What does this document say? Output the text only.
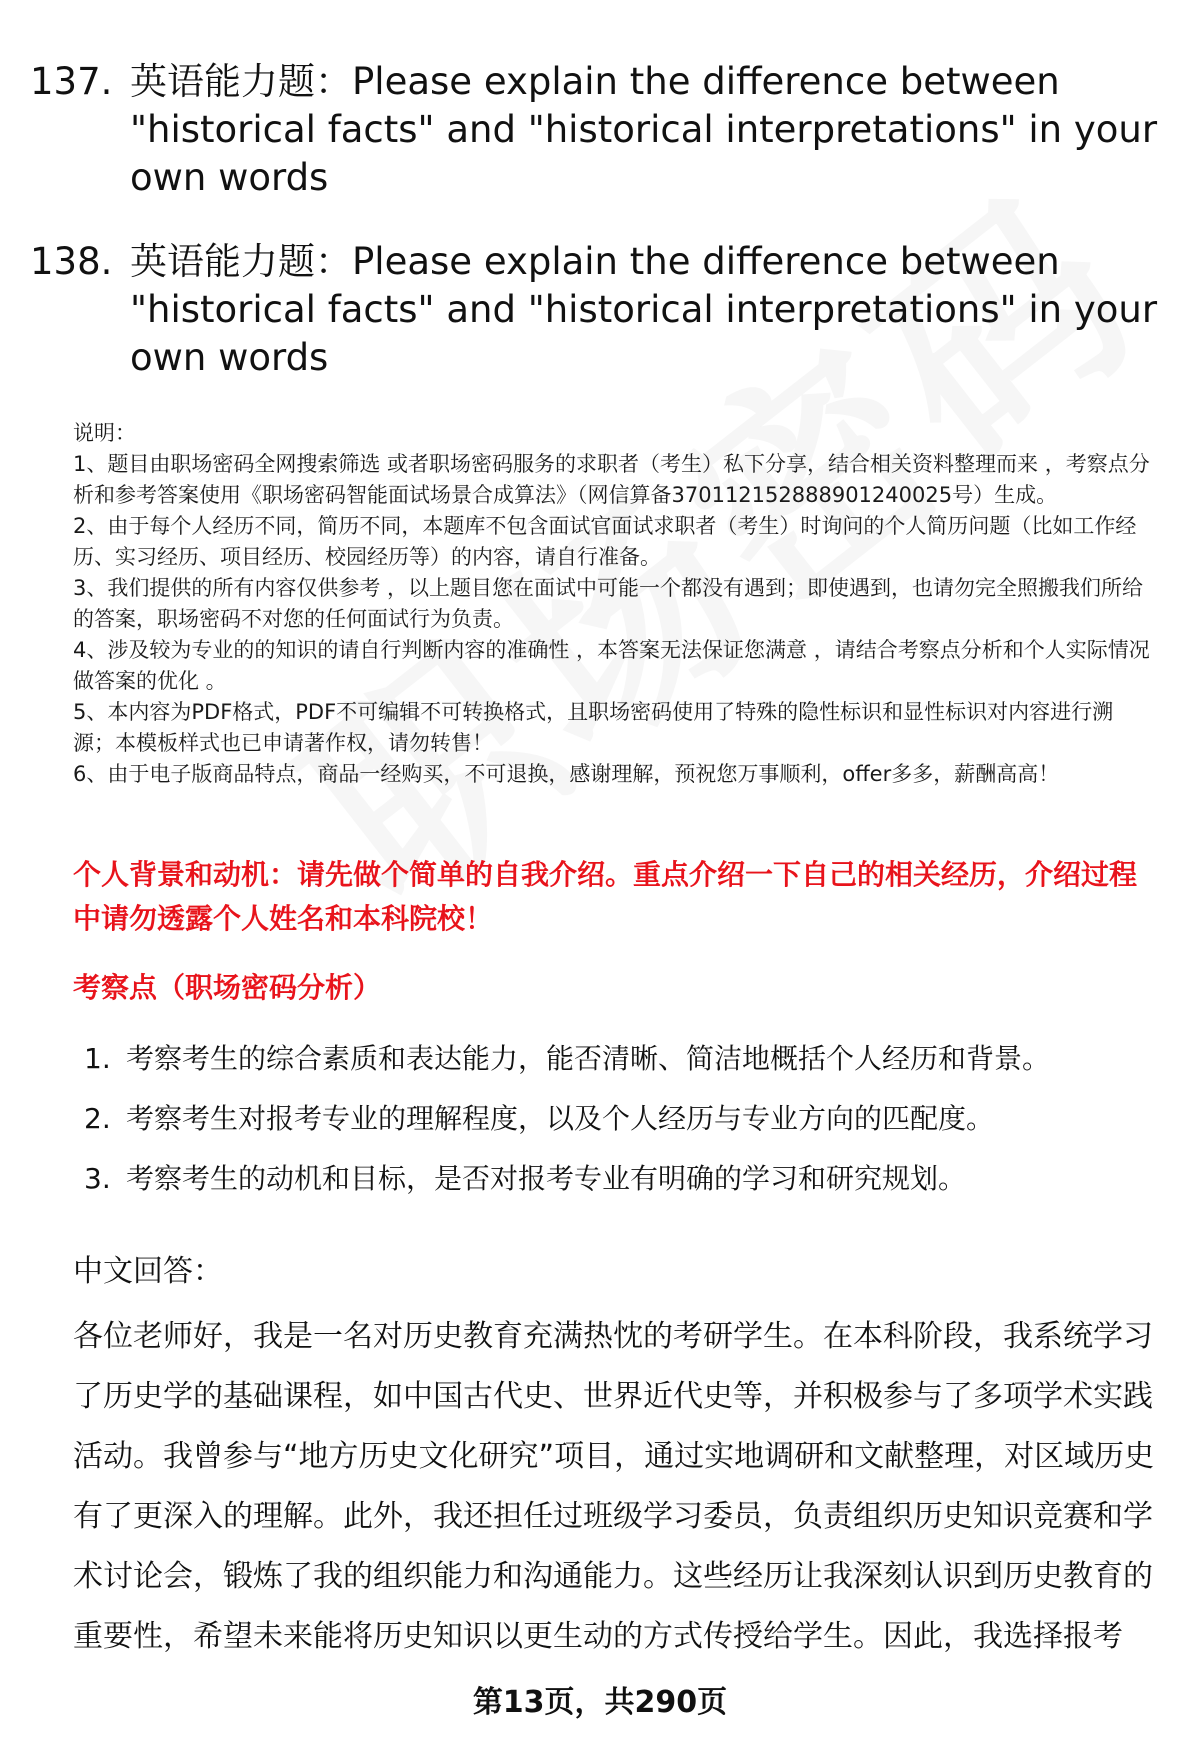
137. 英语能力题：Please explain the difference between "historical facts" and "historical interpretations" in your own words
138. 英语能力题：Please explain the difference between "historical facts" and "historical interpretations" in your own words

说明：

1、题目由职场密码全网搜索筛选 或者职场密码服务的求职者（考生）私下分享，结合相关资料整理而来 ，考察点分析和参考答案使用《职场密码智能面试场景合成算法》（网信算备370112152888901240025号）生成。

2、由于每个人经历不同，简历不同，本题库不包含面试官面试求职者（考生）时询问的个人简历问题（比如工作经历、实习经历、项目经历、校园经历等）的内容，请自行准备。

3、我们提供的所有内容仅供参考 ，以上题目您在面试中可能一个都没有遇到；即使遇到，也请勿完全照搬我们所给的答案，职场密码不对您的任何面试行为负责。

4、涉及较为专业的的知识的请自行判断内容的准确性 ，本答案无法保证您满意 ，请结合考察点分析和个人实际情况做答案的优化 。

5、本内容为PDF格式，PDF不可编辑不可转换格式，且职场密码使用了特殊的隐性标识和显性标识对内容进行溯源；本模板样式也已申请著作权，请勿转售！

6、由于电子版商品特点，商品一经购买，不可退换，感谢理解，预祝您万事顺利，offer多多，薪酬高高！

个人背景和动机：请先做个简单的自我介绍。重点介绍一下自己的相关经历，介绍过程中请勿透露个人姓名和本科院校！
考察点（职场密码分析）
1. 考察考生的综合素质和表达能力，能否清晰、简洁地概括个人经历和背景。
2. 考察考生对报考专业的理解程度，以及个人经历与专业方向的匹配度。
3. 考察考生的动机和目标，是否对报考专业有明确的学习和研究规划。
中文回答：
各位老师好，我是一名对历史教育充满热忱的考研学生。在本科阶段，我系统学习了历史学的基础课程，如中国古代史、世界近代史等，并积极参与了多项学术实践活动。我曾参与“地方历史文化研究”项目，通过实地调研和文献整理，对区域历史有了更深入的理解。此外，我还担任过班级学习委员，负责组织历史知识竞赛和学术讨论会，锻炼了我的组织能力和沟通能力。这些经历让我深刻认识到历史教育的重要性，希望未来能将历史知识以更生动的方式传授给学生。因此，我选择报考
第13页，共290页
